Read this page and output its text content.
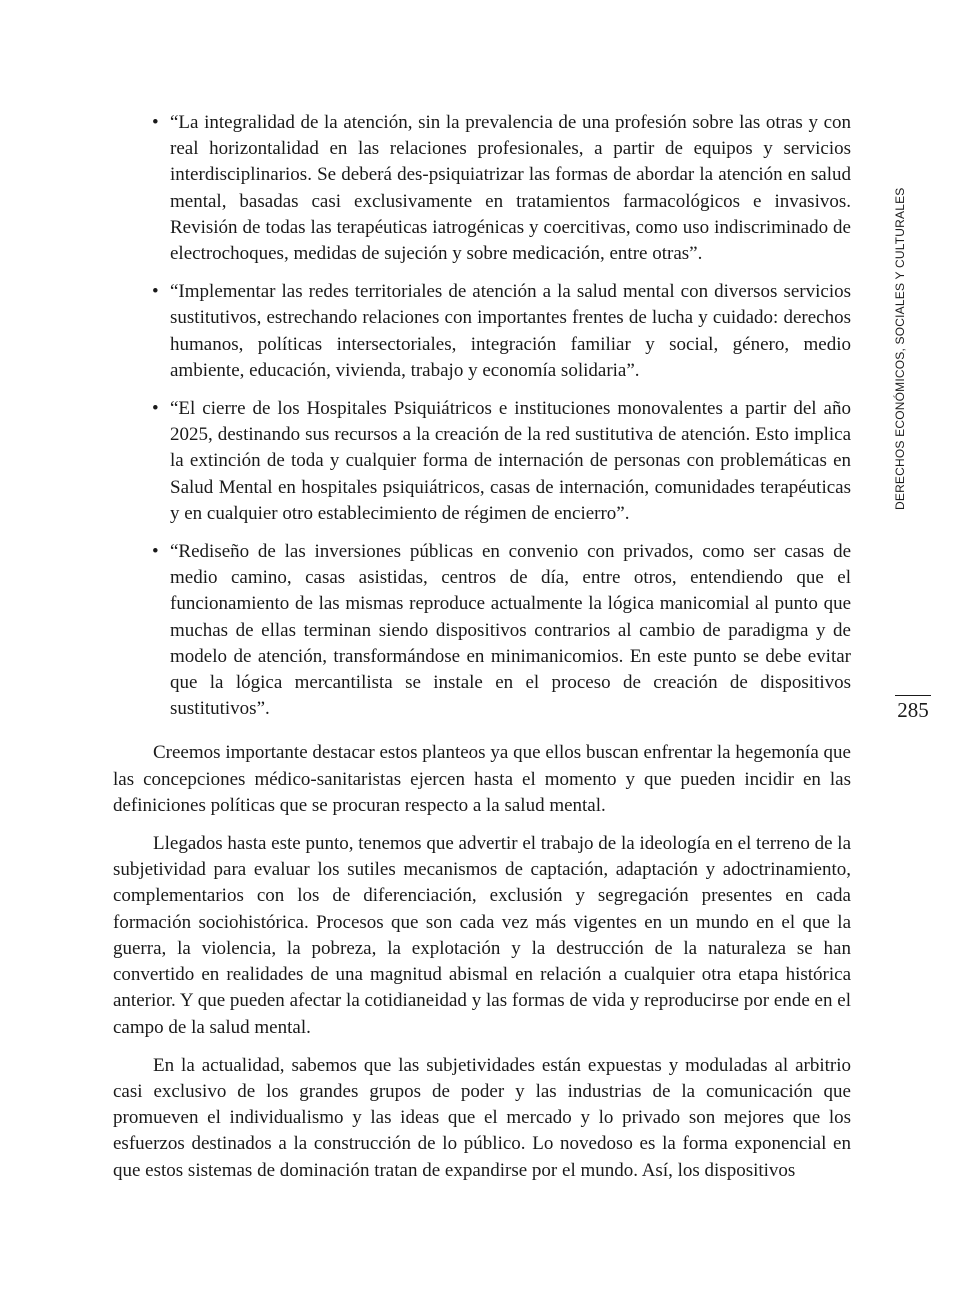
• “La integralidad de la atención, sin la prevalencia de una profesión sobre las otras y con real horizontalidad en las relaciones profesionales, a partir de equipos y servicios interdisciplinarios. Se deberá des-psiquiatrizar las formas de abordar la atención en salud mental, basadas casi exclusivamente en tratamientos farmacológicos e invasivos. Revisión de todas las terapéuticas iatrogénicas y coercitivas, como uso indiscriminado de electrochoques, medidas de sujeción y sobre medicación, entre otras”.
• “Implementar las redes territoriales de atención a la salud mental con diversos servicios sustitutivos, estrechando relaciones con importantes frentes de lucha y cuidado: derechos humanos, políticas intersectoriales, integración familiar y social, género, medio ambiente, educación, vivienda, trabajo y economía solidaria”.
• “El cierre de los Hospitales Psiquiátricos e instituciones monovalentes a partir del año 2025, destinando sus recursos a la creación de la red sustitutiva de atención. Esto implica la extinción de toda y cualquier forma de internación de personas con problemáticas en Salud Mental en hospitales psiquiátricos, casas de internación, comunidades terapéuticas y en cualquier otro establecimiento de régimen de encierro”.
• “Rediseño de las inversiones públicas en convenio con privados, como ser casas de medio camino, casas asistidas, centros de día, entre otros, entendiendo que el funcionamiento de las mismas reproduce actualmente la lógica manicomial al punto que muchas de ellas terminan siendo dispositivos contrarios al cambio de paradigma y de modelo de atención, transformándose en minimanicomios. En este punto se debe evitar que la lógica mercantilista se instale en el proceso de creación de dispositivos sustitutivos”.

Creemos importante destacar estos planteos ya que ellos buscan enfrentar la hegemonía que las concepciones médico-sanitaristas ejercen hasta el momento y que pueden incidir en las definiciones políticas que se procuran respecto a la salud mental.

Llegados hasta este punto, tenemos que advertir el trabajo de la ideología en el terreno de la subjetividad para evaluar los sutiles mecanismos de captación, adaptación y adoctrinamiento, complementarios con los de diferenciación, exclusión y segregación presentes en cada formación sociohistórica. Procesos que son cada vez más vigentes en un mundo en el que la guerra, la violencia, la pobreza, la explotación y la destrucción de la naturaleza se han convertido en realidades de una magnitud abismal en relación a cualquier otra etapa histórica anterior. Y que pueden afectar la cotidianeidad y las formas de vida y reproducirse por ende en el campo de la salud mental.

En la actualidad, sabemos que las subjetividades están expuestas y moduladas al arbitrio casi exclusivo de los grandes grupos de poder y las industrias de la comunicación que promueven el individualismo y las ideas que el mercado y lo privado son mejores que los esfuerzos destinados a la construcción de lo público. Lo novedoso es la forma exponencial en que estos sistemas de dominación tratan de expandirse por el mundo. Así, los dispositivos

DERECHOS ECONÓMICOS, SOCIALES Y CULTURALES
285
